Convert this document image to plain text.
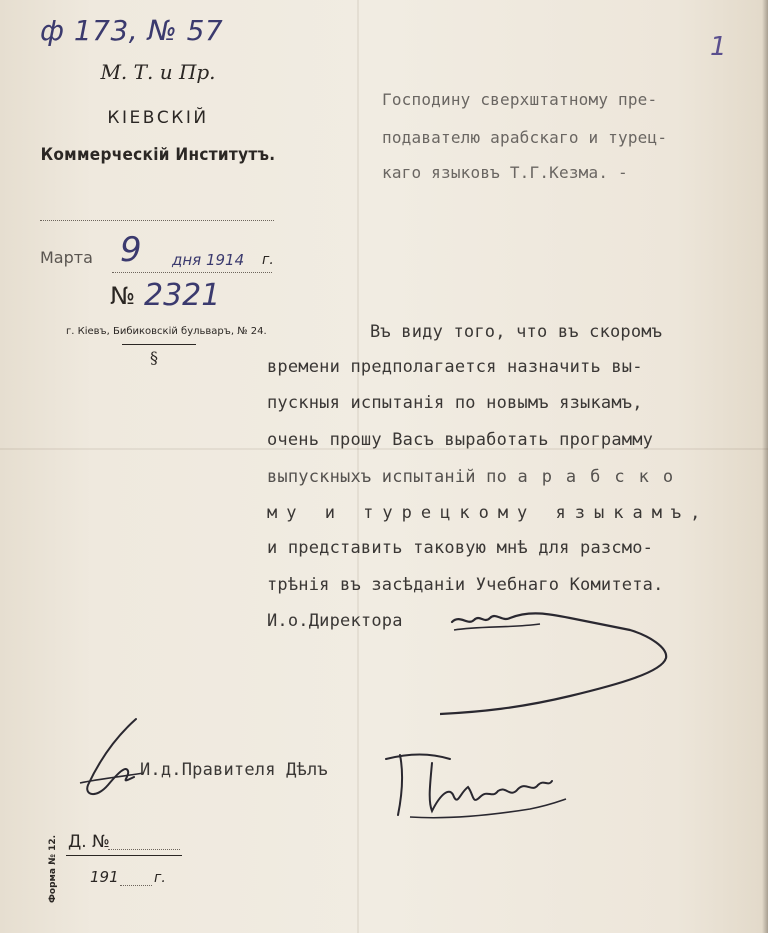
ф 173, № 57	1
М. Т. и Пр.
КІЕВСКІЙ
Коммерческій Институтъ.
Марта 9 дня 1914 г.
№ 2321
г. Кіевъ, Бибиковскій бульваръ, № 24.
§
Господину сверхштатному пре-
подавателю арабскаго и турец-
каго языковъ Т.Г.Кезма. -
Въ виду того, что въ скоромъ
времени предполагается назначить вы-
пускныя испытанія по новымъ языкамъ,
очень прошу Васъ выработать программу
выпускныхъ испытаній по арабско
му и турецкому языкамъ,
и представить таковую мнѣ для разсмо-
трѣнія въ засѣданіи Учебнаго Комитета.
И.о.Директора
И.д.Правителя Дѣлъ
Форма № 12. Д. №
191	г.
